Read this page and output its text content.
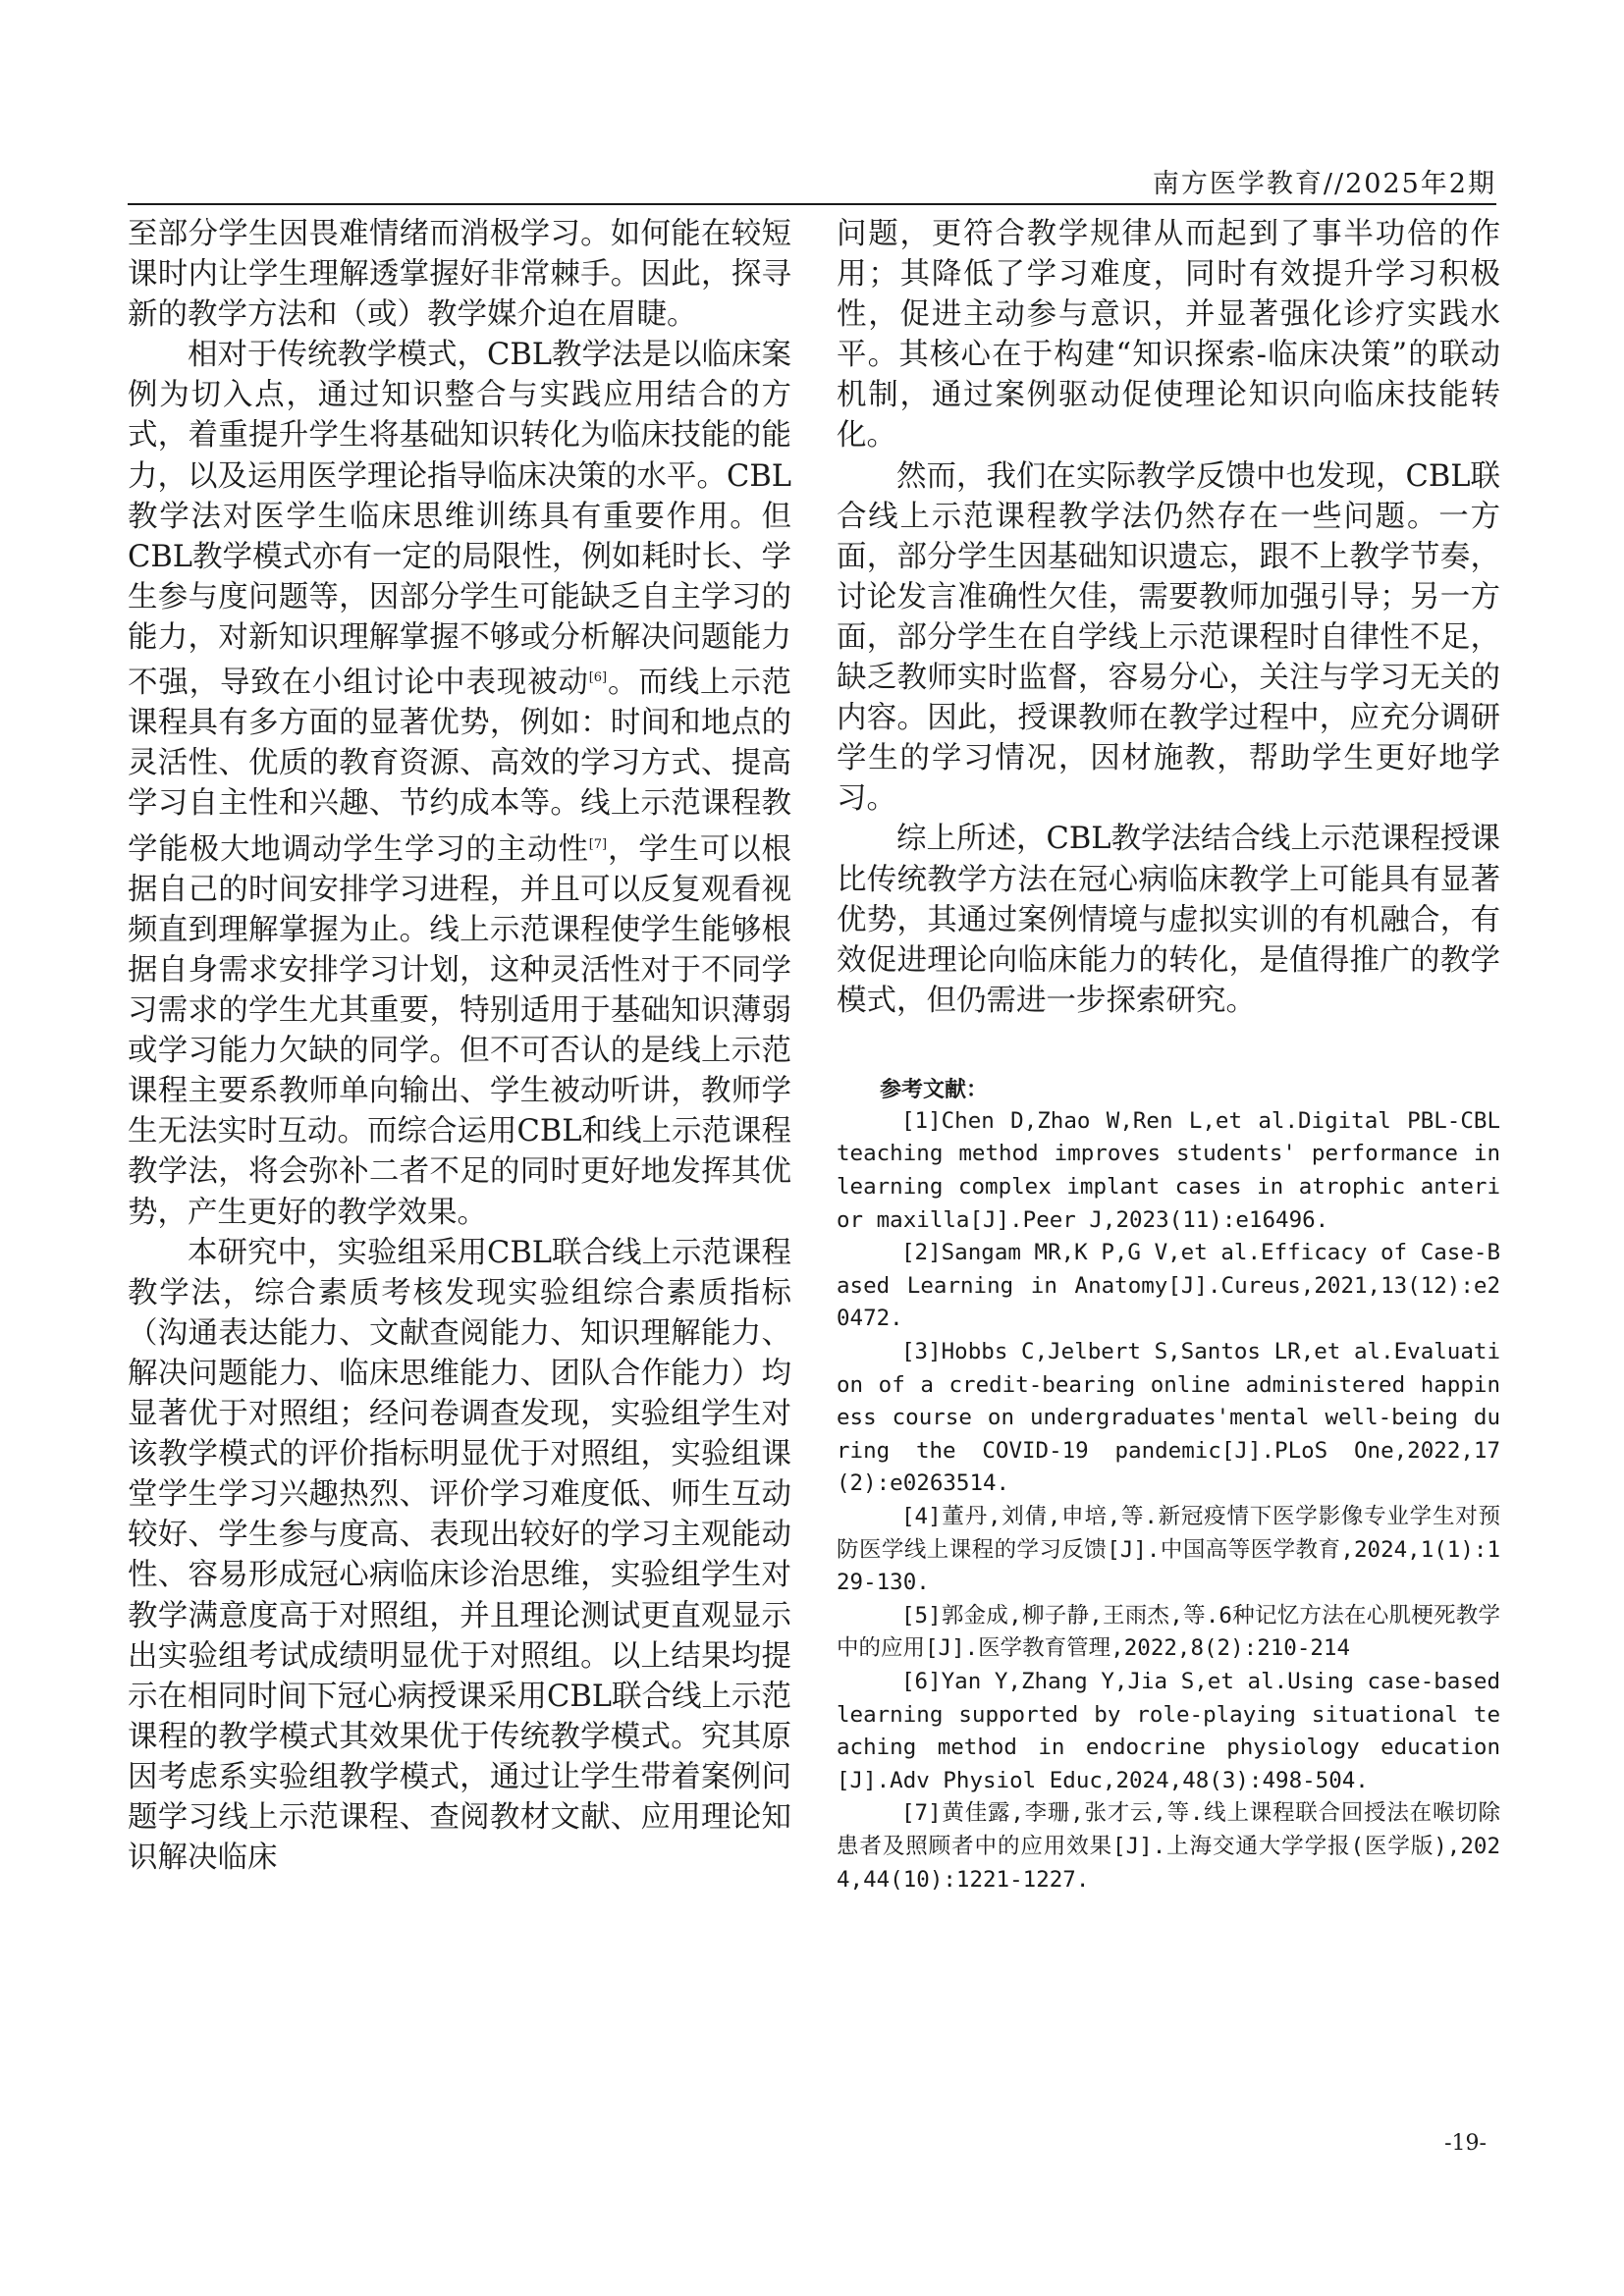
南方医学教育//2025年2期

至部分学生因畏难情绪而消极学习。如何能在较短课时内让学生理解透掌握好非常棘手。因此，探寻新的教学方法和（或）教学媒介迫在眉睫。

相对于传统教学模式，CBL教学法是以临床案例为切入点，通过知识整合与实践应用结合的方式，着重提升学生将基础知识转化为临床技能的能力，以及运用医学理论指导临床决策的水平。CBL教学法对医学生临床思维训练具有重要作用。但CBL教学模式亦有一定的局限性，例如耗时长、学生参与度问题等，因部分学生可能缺乏自主学习的能力，对新知识理解掌握不够或分析解决问题能力不强，导致在小组讨论中表现被动[6]。而线上示范课程具有多方面的显著优势，例如：时间和地点的灵活性、优质的教育资源、高效的学习方式、提高学习自主性和兴趣、节约成本等。线上示范课程教学能极大地调动学生学习的主动性[7]，学生可以根据自己的时间安排学习进程，并且可以反复观看视频直到理解掌握为止。线上示范课程使学生能够根据自身需求安排学习计划，这种灵活性对于不同学习需求的学生尤其重要，特别适用于基础知识薄弱或学习能力欠缺的同学。但不可否认的是线上示范课程主要系教师单向输出、学生被动听讲，教师学生无法实时互动。而综合运用CBL和线上示范课程教学法，将会弥补二者不足的同时更好地发挥其优势，产生更好的教学效果。

本研究中，实验组采用CBL联合线上示范课程教学法，综合素质考核发现实验组综合素质指标（沟通表达能力、文献查阅能力、知识理解能力、解决问题能力、临床思维能力、团队合作能力）均显著优于对照组；经问卷调查发现，实验组学生对该教学模式的评价指标明显优于对照组，实验组课堂学生学习兴趣热烈、评价学习难度低、师生互动较好、学生参与度高、表现出较好的学习主观能动性、容易形成冠心病临床诊治思维，实验组学生对教学满意度高于对照组，并且理论测试更直观显示出实验组考试成绩明显优于对照组。以上结果均提示在相同时间下冠心病授课采用CBL联合线上示范课程的教学模式其效果优于传统教学模式。究其原因考虑系实验组教学模式，通过让学生带着案例问题学习线上示范课程、查阅教材文献、应用理论知识解决临床

问题，更符合教学规律从而起到了事半功倍的作用；其降低了学习难度，同时有效提升学习积极性，促进主动参与意识，并显著强化诊疗实践水平。其核心在于构建“知识探索-临床决策”的联动机制，通过案例驱动促使理论知识向临床技能转化。

然而，我们在实际教学反馈中也发现，CBL联合线上示范课程教学法仍然存在一些问题。一方面，部分学生因基础知识遗忘，跟不上教学节奏，讨论发言准确性欠佳，需要教师加强引导；另一方面，部分学生在自学线上示范课程时自律性不足，缺乏教师实时监督，容易分心，关注与学习无关的内容。因此，授课教师在教学过程中，应充分调研学生的学习情况，因材施教，帮助学生更好地学习。

综上所述，CBL教学法结合线上示范课程授课比传统教学方法在冠心病临床教学上可能具有显著优势，其通过案例情境与虚拟实训的有机融合，有效促进理论向临床能力的转化，是值得推广的教学模式，但仍需进一步探索研究。

参考文献：

[1]Chen D,Zhao W,Ren L,et al.Digital PBL-CBL teaching method improves students' performance in learning complex implant cases in atrophic anterior maxilla[J].Peer J,2023(11):e16496.

[2]Sangam MR,K P,G V,et al.Efficacy of Case-Based Learning in Anatomy[J].Cureus,2021,13(12):e20472.

[3]Hobbs C,Jelbert S,Santos LR,et al.Evaluation of a credit-bearing online administered happiness course on undergraduates'mental well-being during the COVID-19 pandemic[J].PLoS One,2022,17(2):e0263514.

[4]董丹,刘倩,申培,等.新冠疫情下医学影像专业学生对预防医学线上课程的学习反馈[J].中国高等医学教育,2024,1(1):129-130.

[5]郭金成,柳子静,王雨杰,等.6种记忆方法在心肌梗死教学中的应用[J].医学教育管理,2022,8(2):210-214

[6]Yan Y,Zhang Y,Jia S,et al.Using case-based learning supported by role-playing situational teaching method in endocrine physiology education[J].Adv Physiol Educ,2024,48(3):498-504.

[7]黄佳露,李珊,张才云,等.线上课程联合回授法在喉切除患者及照顾者中的应用效果[J].上海交通大学学报(医学版),2024,44(10):1221-1227.

-19-
